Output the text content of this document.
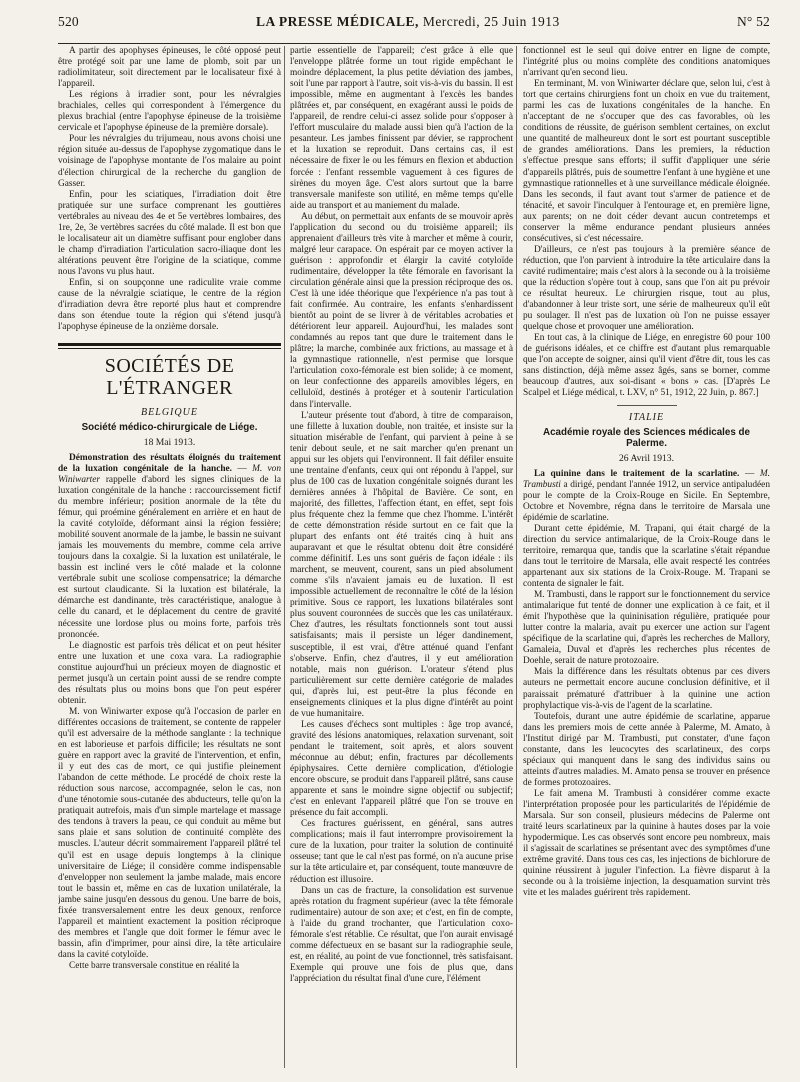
520	LA PRESSE MÉDICALE, Mercredi, 25 Juin 1913	N° 52

A partir des apophyses épineuses, le côté opposé peut être protégé soit par une lame de plomb, soit par un radiolimitateur, soit directement par le localisateur fixé à l'appareil.

Les régions à irradier sont, pour les névralgies brachiales, celles qui correspondent à l'émergence du plexus brachial (entre l'apophyse épineuse de la troisième cervicale et l'apophyse épineuse de la première dorsale).

Pour les névralgies du trijumeau, nous avons choisi une région située au-dessus de l'apophyse zygomatique dans le voisinage de l'apophyse montante de l'os malaire au point d'élection chirurgical de la recherche du ganglion de Gasser.

Enfin, pour les sciatiques, l'irradiation doit être pratiquée sur une surface comprenant les gouttières vertébrales au niveau des 4e et 5e vertèbres lombaires, des 1re, 2e, 3e vertèbres sacrées du côté malade. Il est bon que le localisateur ait un diamètre suffisant pour englober dans le champ d'irradiation l'articulation sacro-iliaque dont les altérations peuvent être l'origine de la sciatique, comme nous l'avons vu plus haut.

Enfin, si on soupçonne une radiculite vraie comme cause de la névralgie sciatique, le centre de la région d'irradiation devra être reporté plus haut et comprendre dans son étendue toute la région qui s'étend jusqu'à l'apophyse épineuse de la onzième dorsale.

SOCIÉTÉS DE L'ÉTRANGER
BELGIQUE
Société médico-chirurgicale de Liége.
18 Mai 1913.

Démonstration des résultats éloignés du traitement de la luxation congénitale de la hanche. — M. von Winiwarter rappelle d'abord les signes cliniques de la luxation congénitale de la hanche : raccourcissement fictif du membre inférieur; position anormale de la tête du fémur, qui proémine généralement en arrière et en haut de la cavité cotyloïde, déformant ainsi la région fessière; mobilité souvent anormale de la jambe, le bassin ne suivant jamais les mouvements du membre, comme cela arrive toujours dans la coxalgie. Si la luxation est unilatérale, le bassin est incliné vers le côté malade et la colonne vertébrale subit une scoliose compensatrice; la démarche est surtout claudicante. Si la luxation est bilatérale, la démarche est dandinante, très caractéristique, analogue à celle du canard, et le déplacement du centre de gravité nécessite une lordose plus ou moins forte, parfois très prononcée.

Le diagnostic est parfois très délicat et on peut hésiter entre une luxation et une coxa vara. La radiographie constitue aujourd'hui un précieux moyen de diagnostic et permet jusqu'à un certain point aussi de se rendre compte des résultats plus ou moins bons que l'on peut espérer obtenir.

M. von Winiwarter expose qu'à l'occasion de parler en différentes occasions de traitement, se contente de rappeler qu'il est adversaire de la méthode sanglante : la technique en est laborieuse et parfois difficile; les résultats ne sont guère en rapport avec la gravité de l'intervention, et enfin, il y eut des cas de mort, ce qui justifie pleinement l'abandon de cette méthode. Le procédé de choix reste la réduction sous narcose, accompagnée, selon le cas, non d'une ténotomie sous-cutanée des abducteurs, telle qu'on la pratiquait autrefois, mais d'un simple martelage et massage des tendons à travers la peau, ce qui conduit au même but sans plaie et sans solution de continuité complète des muscles. L'auteur décrit sommairement l'appareil plâtré tel qu'il est en usage depuis longtemps à la clinique universitaire de Liége; il considère comme indispensable d'envelopper non seulement la jambe malade, mais encore tout le bassin et, même en cas de luxation unilatérale, la jambe saine jusqu'en dessous du genou. Une barre de bois, fixée transversalement entre les deux genoux, renforce l'appareil et maintient exactement la position réciproque des membres et l'angle que doit former le fémur avec le bassin, afin d'imprimer, pour ainsi dire, la tête articulaire dans la cavité cotyloïde.

Cette barre transversale constitue en réalité la

partie essentielle de l'appareil; c'est grâce à elle que l'enveloppe plâtrée forme un tout rigide empêchant le moindre déplacement, la plus petite déviation des jambes, soit l'une par rapport à l'autre, soit vis-à-vis du bassin. Il est impossible, même en augmentant à l'excès les bandes plâtrées et, par conséquent, en exagérant aussi le poids de l'appareil, de rendre celui-ci assez solide pour s'opposer à l'effort musculaire du malade aussi bien qu'à l'action de la pesanteur. Les jambes finissent par dévier, se rapprochent et la luxation se reproduit. Dans certains cas, il est nécessaire de fixer le ou les fémurs en flexion et abduction forcée : l'enfant ressemble vaguement à ces figures de sirènes du moyen âge. C'est alors surtout que la barre transversale manifeste son utilité, en même temps qu'elle aide au transport et au maniement du malade.

Au début, on permettait aux enfants de se mouvoir après l'application du second ou du troisième appareil; ils apprenaient d'ailleurs très vite à marcher et même à courir, malgré leur carapace. On espérait par ce moyen activer la guérison : approfondir et élargir la cavité cotyloïde rudimentaire, développer la tête fémorale en favorisant la circulation générale ainsi que la pression réciproque des os. C'est là une idée théorique que l'expérience n'a pas tout à fait confirmée. Au contraire, les enfants s'enhardissent bientôt au point de se livrer à de véritables acrobaties et détériorent leur appareil. Aujourd'hui, les malades sont condamnés au repos tant que dure le traitement dans le plâtre; la marche, combinée aux frictions, au massage et à la gymnastique rationnelle, n'est permise que lorsque l'articulation coxo-fémorale est bien solide; à ce moment, on leur confectionne des appareils amovibles légers, en celluloïd, destinés à protéger et à soutenir l'articulation dans l'intervalle.

L'auteur présente tout d'abord, à titre de comparaison, une fillette à luxation double, non traitée, et insiste sur la situation misérable de l'enfant, qui parvient à peine à se tenir debout seule, et ne sait marcher qu'en prenant un appui sur les objets qui l'environnent. Il fait défiler ensuite une trentaine d'enfants, ceux qui ont répondu à l'appel, sur plus de 100 cas de luxation congénitale soignés durant les dernières années à l'hôpital de Bavière. Ce sont, en majorité, des fillettes, l'affection étant, en effet, sept fois plus fréquente chez la femme que chez l'homme. L'intérêt de cette démonstration réside surtout en ce fait que la plupart des enfants ont été traités cinq à huit ans auparavant et que le résultat obtenu doit être considéré comme définitif. Les uns sont guéris de façon idéale : ils marchent, se meuvent, courent, sans un pied absolument comme s'ils n'avaient jamais eu de luxation. Il est impossible actuellement de reconnaître le côté de la lésion primitive. Sous ce rapport, les luxations bilatérales sont plus souvent couronnées de succès que les cas unilatéraux. Chez d'autres, les résultats fonctionnels sont tout aussi satisfaisants; mais il persiste un léger dandinement, susceptible, il est vrai, d'être atténué quand l'enfant s'observe. Enfin, chez d'autres, il y eut amélioration notable, mais non guérison. L'orateur s'étend plus particulièrement sur cette dernière catégorie de malades qui, d'après lui, est peut-être la plus féconde en enseignements cliniques et la plus digne d'intérêt au point de vue humanitaire.

Les causes d'échecs sont multiples : âge trop avancé, gravité des lésions anatomiques, relaxation survenant, soit pendant le traitement, soit après, et alors souvent méconnue au début; enfin, fractures par décollements épiphysaires. Cette dernière complication, d'étiologie encore obscure, se produit dans l'appareil plâtré, sans cause apparente et sans le moindre signe objectif ou subjectif; c'est en enlevant l'appareil plâtré que l'on se trouve en présence du fait accompli.

Ces fractures guérissent, en général, sans autres complications; mais il faut interrompre provisoirement la cure de la luxation, pour traiter la solution de continuité osseuse; tant que le cal n'est pas formé, on n'a aucune prise sur la tête articulaire et, par conséquent, toute manœuvre de réduction est illusoire.

Dans un cas de fracture, la consolidation est survenue après rotation du fragment supérieur (avec la tête fémorale rudimentaire) autour de son axe; et c'est, en fin de compte, à l'aide du grand trochanter, que l'articulation coxo-fémorale s'est rétablie. Ce résultat, que l'on aurait envisagé comme défectueux en se basant sur la radiographie seule, est, en réalité, au point de vue fonctionnel, très satisfaisant. Exemple qui prouve une fois de plus que, dans l'appréciation du résultat final d'une cure, l'élément

fonctionnel est le seul qui doive entrer en ligne de compte, l'intégrité plus ou moins complète des conditions anatomiques n'arrivant qu'en second lieu.

En terminant, M. von Winiwarter déclare que, selon lui, c'est à tort que certains chirurgiens font un choix en vue du traitement, parmi les cas de luxations congénitales de la hanche. En n'acceptant de ne s'occuper que des cas favorables, où les conditions de réussite, de guérison semblent certaines, on exclut une quantité de malheureux dont le sort est pourtant susceptible de grandes améliorations. Dans les premiers, la réduction s'effectue presque sans efforts; il suffit d'appliquer une série d'appareils plâtrés, puis de soumettre l'enfant à une hygiène et une gymnastique rationnelles et à une surveillance médicale éloignée. Dans les seconds, il faut avant tout s'armer de patience et de ténacité, et savoir l'inculquer à l'entourage et, en première ligne, aux parents; on ne doit céder devant aucun contretemps et conserver la même endurance pendant plusieurs années consécutives, si c'est nécessaire.

D'ailleurs, ce n'est pas toujours à la première séance de réduction, que l'on parvient à introduire la tête articulaire dans la cavité rudimentaire; mais c'est alors à la seconde ou à la troisième que la réduction s'opère tout à coup, sans que l'on ait pu prévoir ce résultat heureux. Le chirurgien risque, tout au plus, d'abandonner à leur triste sort, une série de malheureux qu'il eût pu soulager. Il n'est pas de luxation où l'on ne puisse essayer quelque chose et provoquer une amélioration.

En tout cas, à la clinique de Liége, en enregistre 60 pour 100 de guérisons idéales, et ce chiffre est d'autant plus remarquable que l'on accepte de soigner, ainsi qu'il vient d'être dit, tous les cas sans distinction, déjà même assez âgés, sans se borner, comme beaucoup d'autres, aux soi-disant « bons » cas. [D'après Le Scalpel et Liége médical, t. LXV, n° 51, 1912, 22 Juin, p. 867.]

ITALIE
Académie royale des Sciences médicales de Palerme.
26 Avril 1913.

La quinine dans le traitement de la scarlatine. — M. Trambusti a dirigé, pendant l'année 1912, un service antipaludéen pour le compte de la Croix-Rouge en Sicile. En Septembre, Octobre et Novembre, régna dans le territoire de Marsala une épidémie de scarlatine.

Durant cette épidémie, M. Trapani, qui était chargé de la direction du service antimalarique, de la Croix-Rouge dans le territoire, remarqua que, tandis que la scarlatine s'était répandue dans tout le territoire de Marsala, elle avait respecté les contrées appartenant aux six stations de la Croix-Rouge. M. Trapani se contenta de signaler le fait.

M. Trambusti, dans le rapport sur le fonctionnement du service antimalarique fut tenté de donner une explication à ce fait, et il émit l'hypothèse que la quininisation régulière, pratiquée pour lutter contre la malaria, avait pu exercer une action sur l'agent spécifique de la scarlatine qui, d'après les recherches de Mallory, Gamaleia, Duval et d'après les recherches plus récentes de Doehle, serait de nature protozoaire.

Mais la différence dans les résultats obtenus par ces divers auteurs ne permettait encore aucune conclusion définitive, et il paraissait prématuré d'attribuer à la quinine une action prophylactique vis-à-vis de l'agent de la scarlatine.

Toutefois, durant une autre épidémie de scarlatine, apparue dans les premiers mois de cette année à Palerme, M. Amato, à l'Institut dirigé par M. Trambusti, put constater, d'une façon constante, dans les leucocytes des scarlatineux, des corps spéciaux qui manquent dans le sang des individus sains ou atteints d'autres maladies. M. Amato pensa se trouver en présence de formes protozoaires.

Le fait amena M. Trambusti à considérer comme exacte l'interprétation proposée pour les particularités de l'épidémie de Marsala. Sur son conseil, plusieurs médecins de Palerme ont traité leurs scarlatineux par la quinine à hautes doses par la voie hypodermique. Les cas observés sont encore peu nombreux, mais il s'agissait de scarlatines se présentant avec des symptômes d'une extrême gravité. Dans tous ces cas, les injections de bichlorure de quinine réussirent à juguler l'infection. La fièvre disparut à la seconde ou à la troisième injection, la desquamation survint très vite et les malades guérirent très rapidement.
